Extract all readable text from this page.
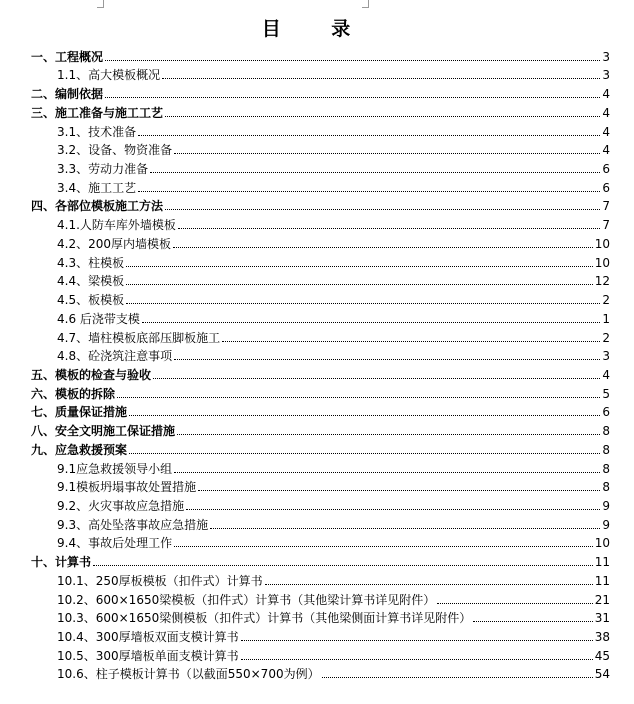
目 录
一、工程概况	3
1.1、高大模板概况	3
二、编制依据	4
三、施工准备与施工工艺	4
3.1、技术准备	4
3.2、设备、物资准备	4
3.3、劳动力准备	6
3.4、施工工艺	6
四、各部位模板施工方法	7
4.1.人防车库外墙模板	7
4.2、200厚内墙模板	10
4.3、柱模板	10
4.4、梁模板	12
4.5、板模板	2
4.6 后浇带支模	1
4.7、墙柱模板底部压脚板施工	2
4.8、砼浇筑注意事项	3
五、模板的检查与验收	4
六、模板的拆除	5
七、质量保证措施	6
八、安全文明施工保证措施	8
九、应急救援预案	8
9.1应急救援领导小组	8
9.1模板坍塌事故处置措施	8
9.2、火灾事故应急措施	9
9.3、高处坠落事故应急措施	9
9.4、事故后处理工作	10
十、计算书	11
10.1、250厚板模板（扣件式）计算书	11
10.2、600×1650梁模板（扣件式）计算书（其他梁计算书详见附件）	21
10.3、600×1650梁侧模板（扣件式）计算书（其他梁侧面计算书详见附件）	31
10.4、300厚墙板双面支模计算书	38
10.5、300厚墙板单面支模计算书	45
10.6、柱子模板计算书（以截面550×700为例）	54
